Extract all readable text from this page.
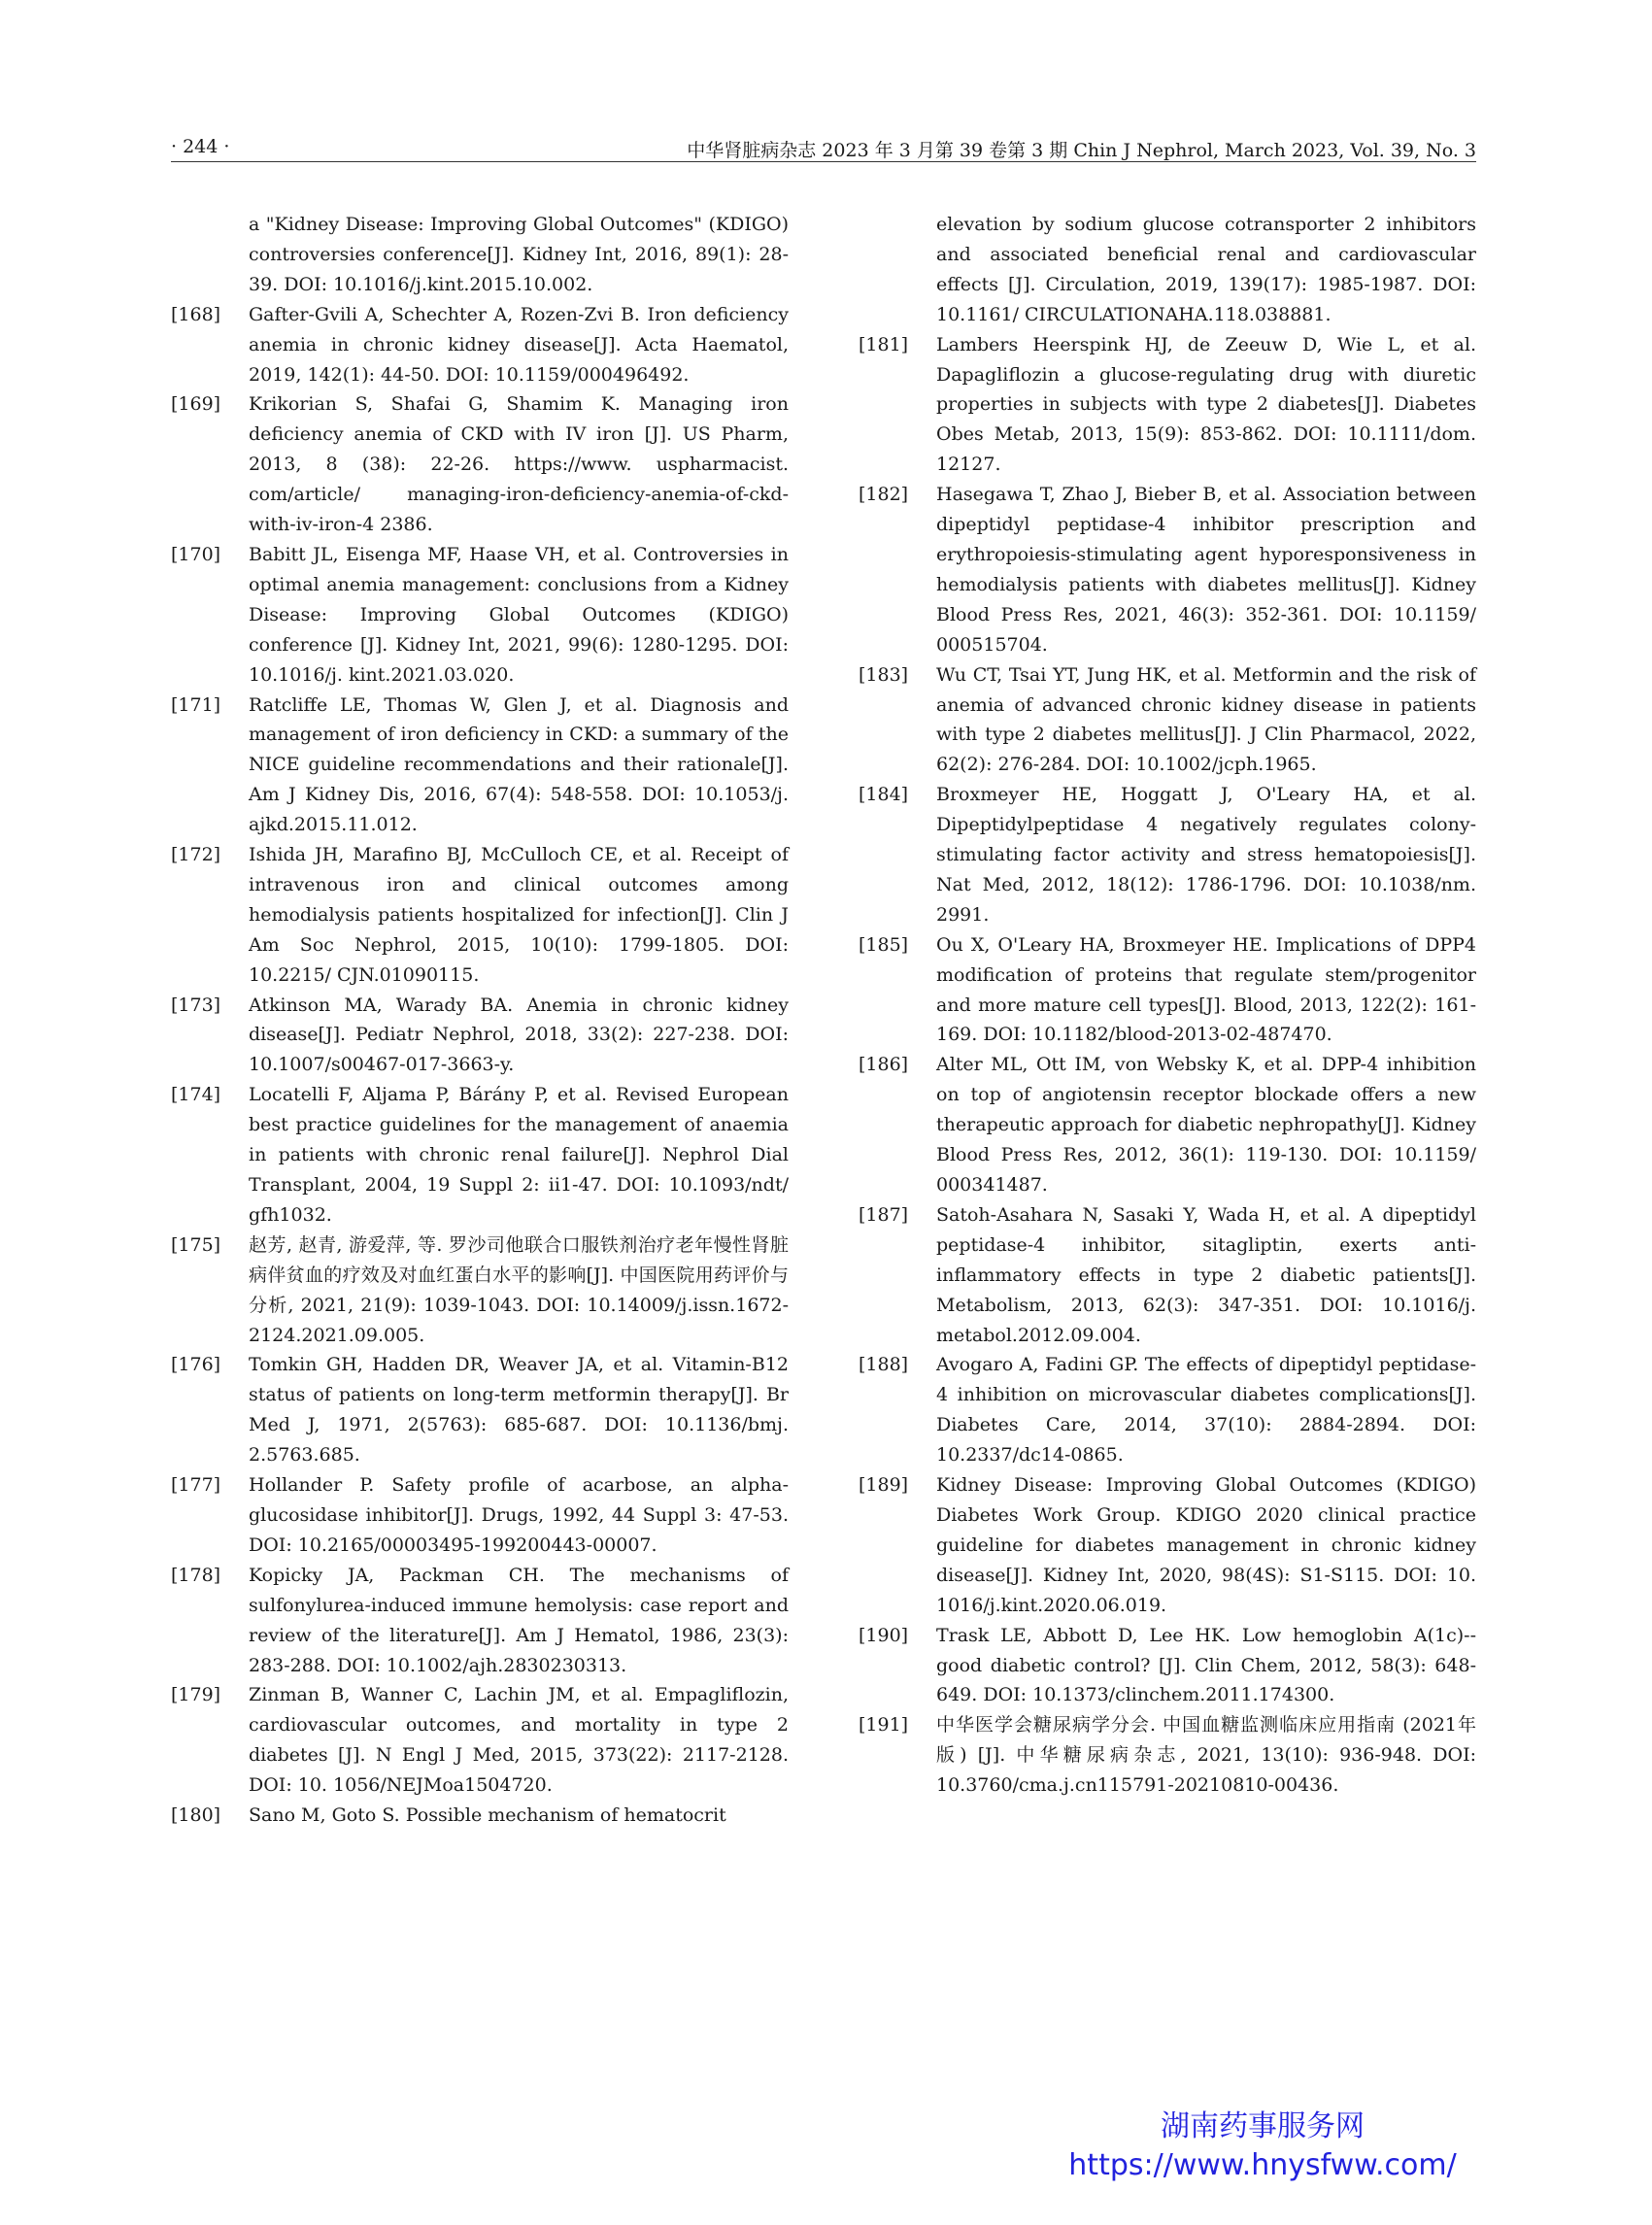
· 244 ·	中华肾脏病杂志 2023 年 3 月第 39 卷第 3 期 Chin J Nephrol, March 2023, Vol. 39, No. 3
a "Kidney Disease: Improving Global Outcomes" (KDIGO) controversies conference[J]. Kidney Int, 2016, 89(1): 28-39. DOI: 10.1016/j.kint.2015.10.002.
[168]	Gafter-Gvili A, Schechter A, Rozen-Zvi B. Iron deficiency anemia in chronic kidney disease[J]. Acta Haematol, 2019, 142(1): 44-50. DOI: 10.1159/000496492.
[169]	Krikorian S, Shafai G, Shamim K. Managing iron deficiency anemia of CKD with IV iron [J]. US Pharm, 2013, 8 (38): 22-26. https://www. uspharmacist. com/article/ managing-iron-deficiency-anemia-of-ckd-with-iv-iron-4 2386.
[170]	Babitt JL, Eisenga MF, Haase VH, et al. Controversies in optimal anemia management: conclusions from a Kidney Disease: Improving Global Outcomes (KDIGO) conference [J]. Kidney Int, 2021, 99(6): 1280-1295. DOI: 10.1016/j. kint.2021.03.020.
[171]	Ratcliffe LE, Thomas W, Glen J, et al. Diagnosis and management of iron deficiency in CKD: a summary of the NICE guideline recommendations and their rationale[J]. Am J Kidney Dis, 2016, 67(4): 548-558. DOI: 10.1053/j. ajkd.2015.11.012.
[172]	Ishida JH, Marafino BJ, McCulloch CE, et al. Receipt of intravenous iron and clinical outcomes among hemodialysis patients hospitalized for infection[J]. Clin J Am Soc Nephrol, 2015, 10(10): 1799-1805. DOI: 10.2215/ CJN.01090115.
[173]	Atkinson MA, Warady BA. Anemia in chronic kidney disease[J]. Pediatr Nephrol, 2018, 33(2): 227-238. DOI: 10.1007/s00467-017-3663-y.
[174]	Locatelli F, Aljama P, Bárány P, et al. Revised European best practice guidelines for the management of anaemia in patients with chronic renal failure[J]. Nephrol Dial Transplant, 2004, 19 Suppl 2: ii1-47. DOI: 10.1093/ndt/ gfh1032.
[175]	赵芳, 赵青, 游爱萍, 等. 罗沙司他联合口服铁剂治疗老年慢性肾脏病伴贫血的疗效及对血红蛋白水平的影响[J]. 中国医院用药评价与分析, 2021, 21(9): 1039-1043. DOI: 10.14009/j.issn.1672-2124.2021.09.005.
[176]	Tomkin GH, Hadden DR, Weaver JA, et al. Vitamin-B12 status of patients on long-term metformin therapy[J]. Br Med J, 1971, 2(5763): 685-687. DOI: 10.1136/bmj. 2.5763.685.
[177]	Hollander P. Safety profile of acarbose, an alpha-glucosidase inhibitor[J]. Drugs, 1992, 44 Suppl 3: 47-53. DOI: 10.2165/00003495-199200443-00007.
[178]	Kopicky JA, Packman CH. The mechanisms of sulfonylurea-induced immune hemolysis: case report and review of the literature[J]. Am J Hematol, 1986, 23(3): 283-288. DOI: 10.1002/ajh.2830230313.
[179]	Zinman B, Wanner C, Lachin JM, et al. Empagliflozin, cardiovascular outcomes, and mortality in type 2 diabetes [J]. N Engl J Med, 2015, 373(22): 2117-2128. DOI: 10. 1056/NEJMoa1504720.
[180]	Sano M, Goto S. Possible mechanism of hematocrit
elevation by sodium glucose cotransporter 2 inhibitors and associated beneficial renal and cardiovascular effects [J]. Circulation, 2019, 139(17): 1985-1987. DOI: 10.1161/ CIRCULATIONAHA.118.038881.
[181]	Lambers Heerspink HJ, de Zeeuw D, Wie L, et al. Dapagliflozin a glucose-regulating drug with diuretic properties in subjects with type 2 diabetes[J]. Diabetes Obes Metab, 2013, 15(9): 853-862. DOI: 10.1111/dom. 12127.
[182]	Hasegawa T, Zhao J, Bieber B, et al. Association between dipeptidyl peptidase-4 inhibitor prescription and erythropoiesis-stimulating agent hyporesponsiveness in hemodialysis patients with diabetes mellitus[J]. Kidney Blood Press Res, 2021, 46(3): 352-361. DOI: 10.1159/ 000515704.
[183]	Wu CT, Tsai YT, Jung HK, et al. Metformin and the risk of anemia of advanced chronic kidney disease in patients with type 2 diabetes mellitus[J]. J Clin Pharmacol, 2022, 62(2): 276-284. DOI: 10.1002/jcph.1965.
[184]	Broxmeyer HE, Hoggatt J, O'Leary HA, et al. Dipeptidylpeptidase 4 negatively regulates colony-stimulating factor activity and stress hematopoiesis[J]. Nat Med, 2012, 18(12): 1786-1796. DOI: 10.1038/nm. 2991.
[185]	Ou X, O'Leary HA, Broxmeyer HE. Implications of DPP4 modification of proteins that regulate stem/progenitor and more mature cell types[J]. Blood, 2013, 122(2): 161-169. DOI: 10.1182/blood-2013-02-487470.
[186]	Alter ML, Ott IM, von Websky K, et al. DPP-4 inhibition on top of angiotensin receptor blockade offers a new therapeutic approach for diabetic nephropathy[J]. Kidney Blood Press Res, 2012, 36(1): 119-130. DOI: 10.1159/ 000341487.
[187]	Satoh-Asahara N, Sasaki Y, Wada H, et al. A dipeptidyl peptidase-4 inhibitor, sitagliptin, exerts anti-inflammatory effects in type 2 diabetic patients[J]. Metabolism, 2013, 62(3): 347-351. DOI: 10.1016/j. metabol.2012.09.004.
[188]	Avogaro A, Fadini GP. The effects of dipeptidyl peptidase-4 inhibition on microvascular diabetes complications[J]. Diabetes Care, 2014, 37(10): 2884-2894. DOI: 10.2337/dc14-0865.
[189]	Kidney Disease: Improving Global Outcomes (KDIGO) Diabetes Work Group. KDIGO 2020 clinical practice guideline for diabetes management in chronic kidney disease[J]. Kidney Int, 2020, 98(4S): S1-S115. DOI: 10. 1016/j.kint.2020.06.019.
[190]	Trask LE, Abbott D, Lee HK. Low hemoglobin A(1c)--good diabetic control? [J]. Clin Chem, 2012, 58(3): 648-649. DOI: 10.1373/clinchem.2011.174300.
[191]	中华医学会糖尿病学分会. 中国血糖监测临床应用指南 (2021年版) [J]. 中华糖尿病杂志, 2021, 13(10): 936-948. DOI: 10.3760/cma.j.cn115791-20210810-00436.
湖南药事服务网
https://www.hnysfww.com/
